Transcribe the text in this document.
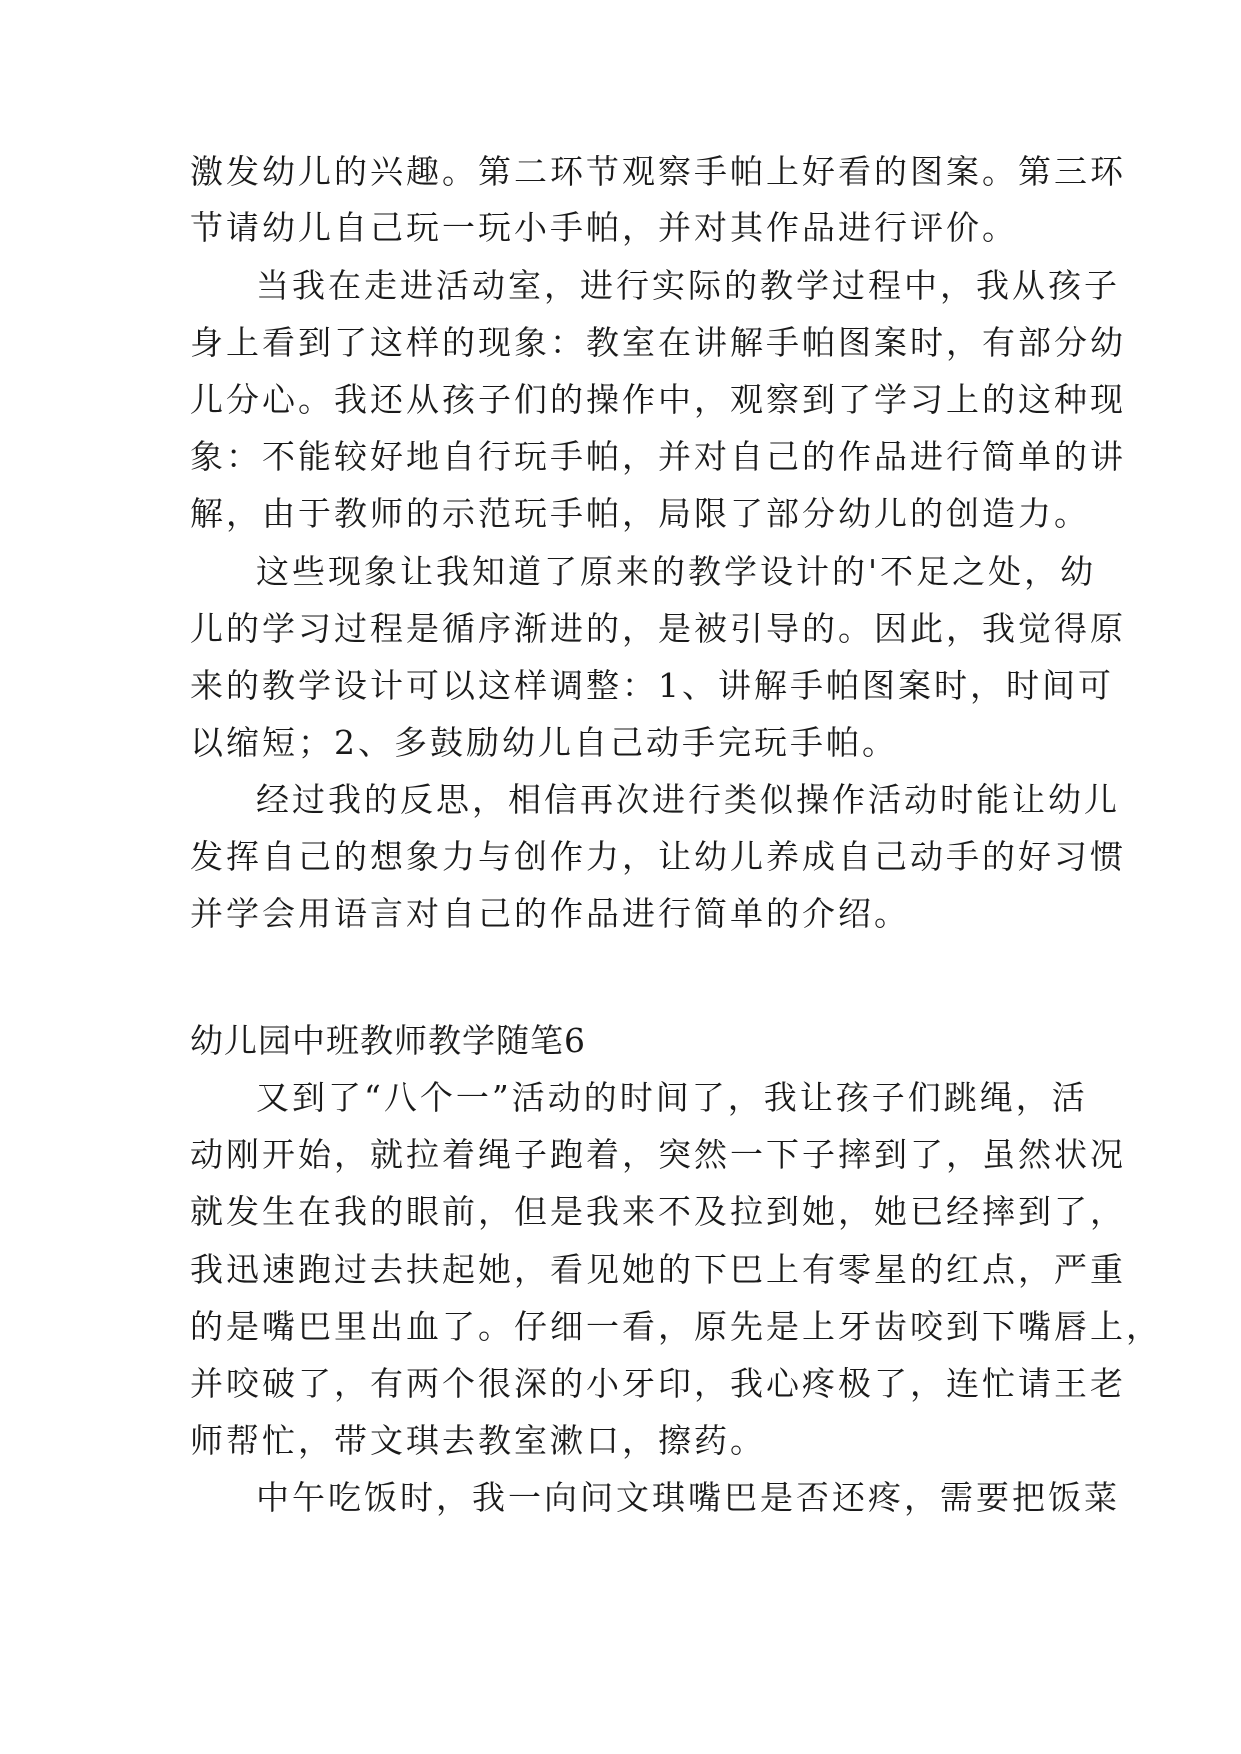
激发幼儿的兴趣。第二环节观察手帕上好看的图案。第三环
节请幼儿自己玩一玩小手帕，并对其作品进行评价。
当我在走进活动室，进行实际的教学过程中，我从孩子
身上看到了这样的现象：教室在讲解手帕图案时，有部分幼
儿分心。我还从孩子们的操作中，观察到了学习上的这种现
象：不能较好地自行玩手帕，并对自己的作品进行简单的讲
解，由于教师的示范玩手帕，局限了部分幼儿的创造力。
这些现象让我知道了原来的教学设计的'不足之处，幼
儿的学习过程是循序渐进的，是被引导的。因此，我觉得原
来的教学设计可以这样调整：1、讲解手帕图案时，时间可
以缩短；2、多鼓励幼儿自己动手完玩手帕。
经过我的反思，相信再次进行类似操作活动时能让幼儿
发挥自己的想象力与创作力，让幼儿养成自己动手的好习惯
并学会用语言对自己的作品进行简单的介绍。
幼儿园中班教师教学随笔6
又到了“八个一”活动的时间了，我让孩子们跳绳，活
动刚开始，就拉着绳子跑着，突然一下子摔到了，虽然状况
就发生在我的眼前，但是我来不及拉到她，她已经摔到了，
我迅速跑过去扶起她，看见她的下巴上有零星的红点，严重
的是嘴巴里出血了。仔细一看，原先是上牙齿咬到下嘴唇上，
并咬破了，有两个很深的小牙印，我心疼极了，连忙请王老
师帮忙，带文琪去教室漱口，擦药。
中午吃饭时，我一向问文琪嘴巴是否还疼，需要把饭菜
